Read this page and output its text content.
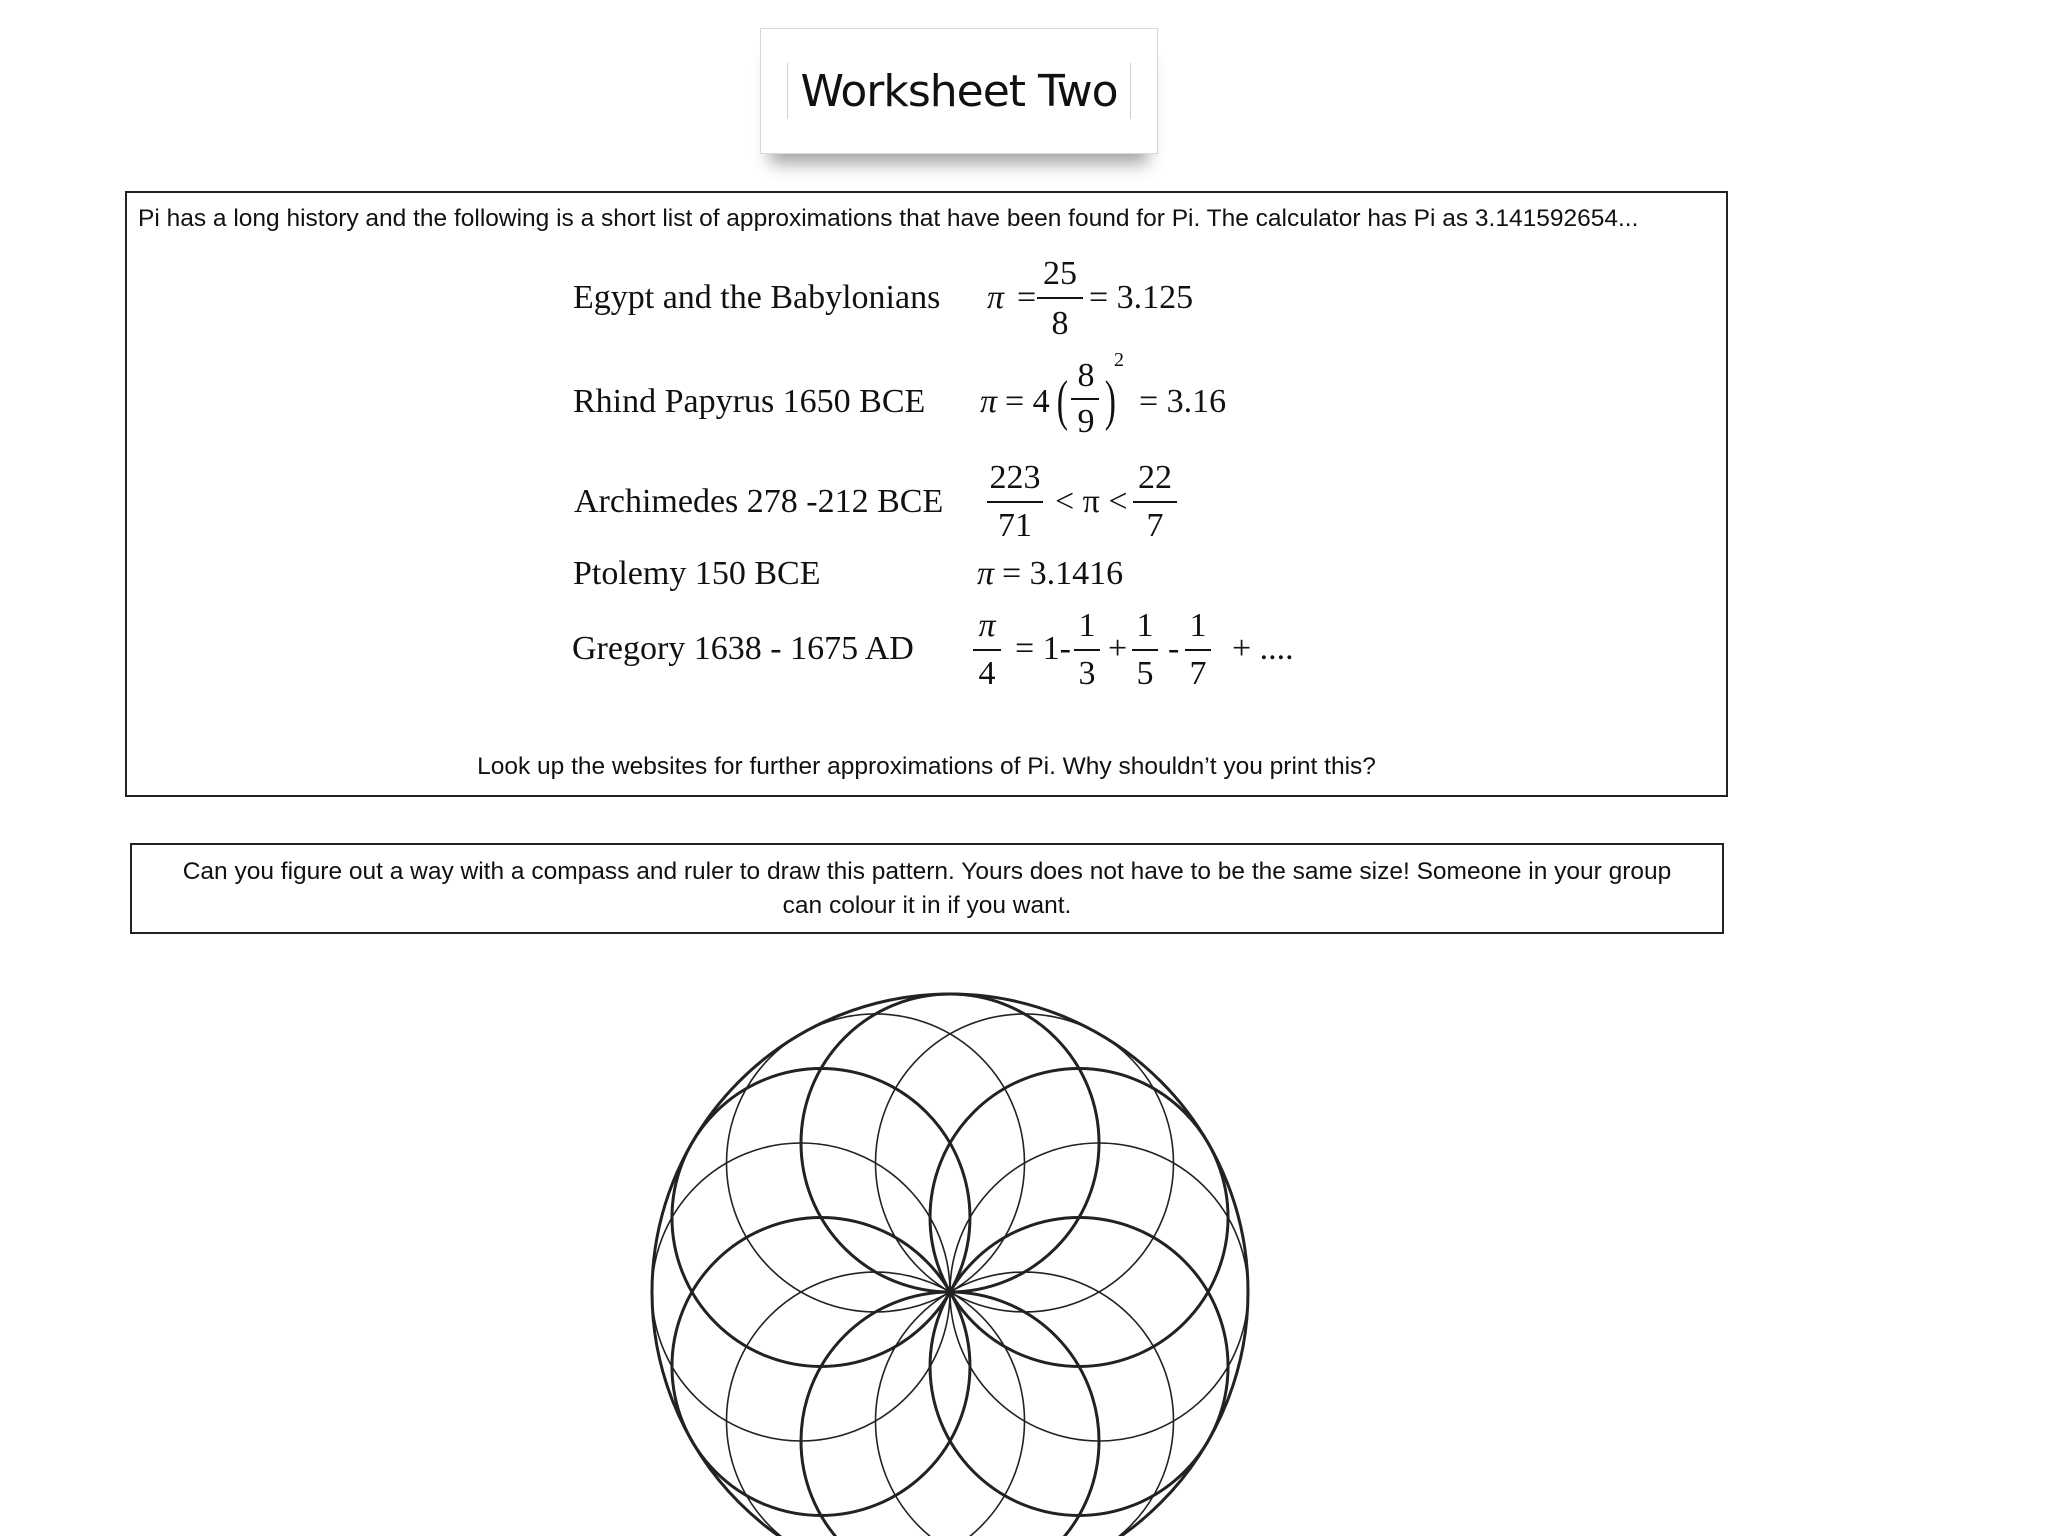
Worksheet Two
Pi has a long history and the following is a short list of approximations that have been found for Pi. The calculator has Pi as 3.141592654...
Egypt and the Babylonians π =
25
8
= 3.125
Rhind Papyrus 1650 BCE π = 4 ( 8
9 )
2
= 3.16
Archimedes 278 -212 BCE
223
71
< π <
22
7
Ptolemy 150 BCE	π = 3.1416
Gregory 1638 - 1675 AD
π
4
= 1-
1
3
+
1
5
-
1
7
+ ....
Look up the websites for further approximations of Pi. Why shouldn’t you print this?
Can you figure out a way with a compass and ruler to draw this pattern. Yours does not have to be the same size! Someone in your group
can colour it in if you want.
